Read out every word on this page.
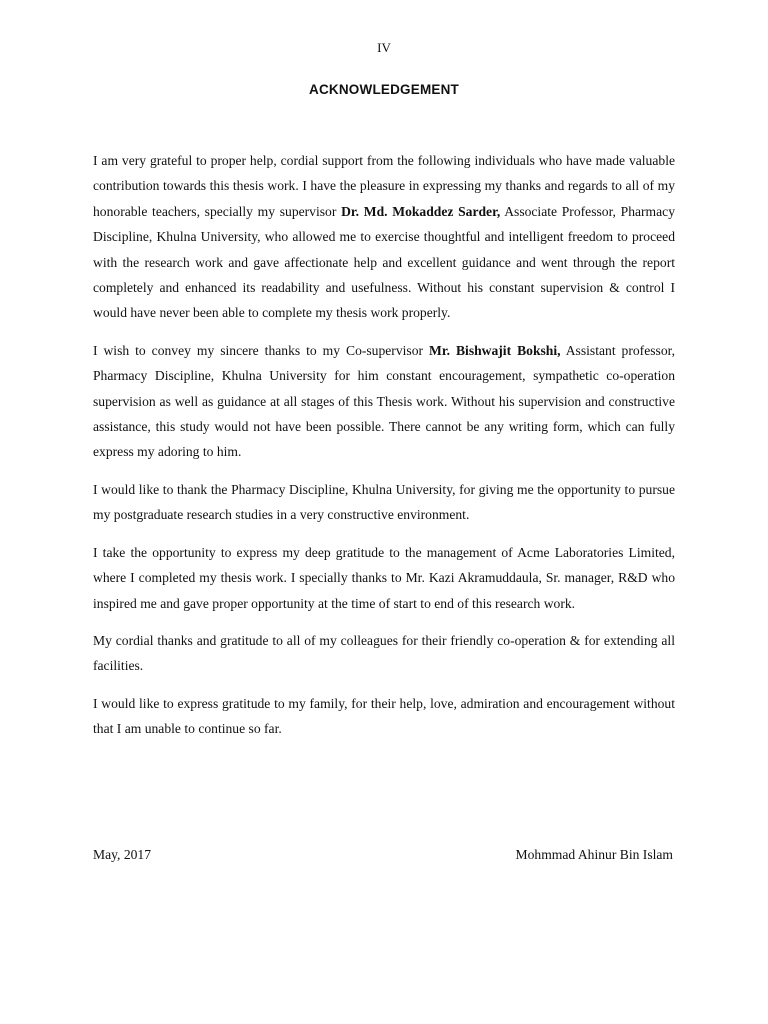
IV
ACKNOWLEDGEMENT

I am very grateful to proper help, cordial support from the following individuals who have made valuable contribution towards this thesis work. I have the pleasure in expressing my thanks and regards to all of my honorable teachers, specially my supervisor Dr. Md. Mokaddez Sarder, Associate Professor, Pharmacy Discipline, Khulna University, who allowed me to exercise thoughtful and intelligent freedom to proceed with the research work and gave affectionate help and excellent guidance and went through the report completely and enhanced its readability and usefulness. Without his constant supervision & control I would have never been able to complete my thesis work properly.

I wish to convey my sincere thanks to my Co-supervisor Mr. Bishwajit Bokshi, Assistant professor, Pharmacy Discipline, Khulna University for him constant encouragement, sympathetic co-operation supervision as well as guidance at all stages of this Thesis work. Without his supervision and constructive assistance, this study would not have been possible. There cannot be any writing form, which can fully express my adoring to him.

I would like to thank the Pharmacy Discipline, Khulna University, for giving me the opportunity to pursue my postgraduate research studies in a very constructive environment.

I take the opportunity to express my deep gratitude to the management of Acme Laboratories Limited, where I completed my thesis work. I specially thanks to Mr. Kazi Akramuddaula, Sr. manager, R&D who inspired me and gave proper opportunity at the time of start to end of this research work.

My cordial thanks and gratitude to all of my colleagues for their friendly co-operation & for extending all facilities.

I would like to express gratitude to my family, for their help, love, admiration and encouragement without that I am unable to continue so far.

May, 2017	Mohmmad Ahinur Bin Islam
